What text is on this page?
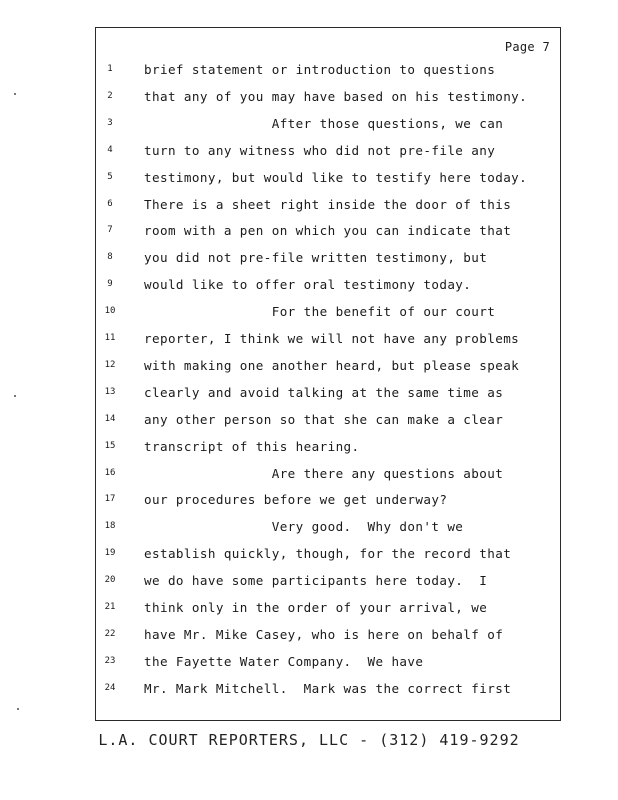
Page 7
1	brief statement or introduction to questions
2	that any of you may have based on his testimony.
3	After those questions, we can
4	turn to any witness who did not pre-file any
5	testimony, but would like to testify here today.
6	There is a sheet right inside the door of this
7	room with a pen on which you can indicate that
8	you did not pre-file written testimony, but
9	would like to offer oral testimony today.
10	For the benefit of our court
11	reporter, I think we will not have any problems
12	with making one another heard, but please speak
13	clearly and avoid talking at the same time as
14	any other person so that she can make a clear
15	transcript of this hearing.
16	Are there any questions about
17	our procedures before we get underway?
18	Very good.  Why don't we
19	establish quickly, though, for the record that
20	we do have some participants here today.  I
21	think only in the order of your arrival, we
22	have Mr. Mike Casey, who is here on behalf of
23	the Fayette Water Company.  We have
24	Mr. Mark Mitchell.  Mark was the correct first
L.A. COURT REPORTERS, LLC - (312) 419-9292
